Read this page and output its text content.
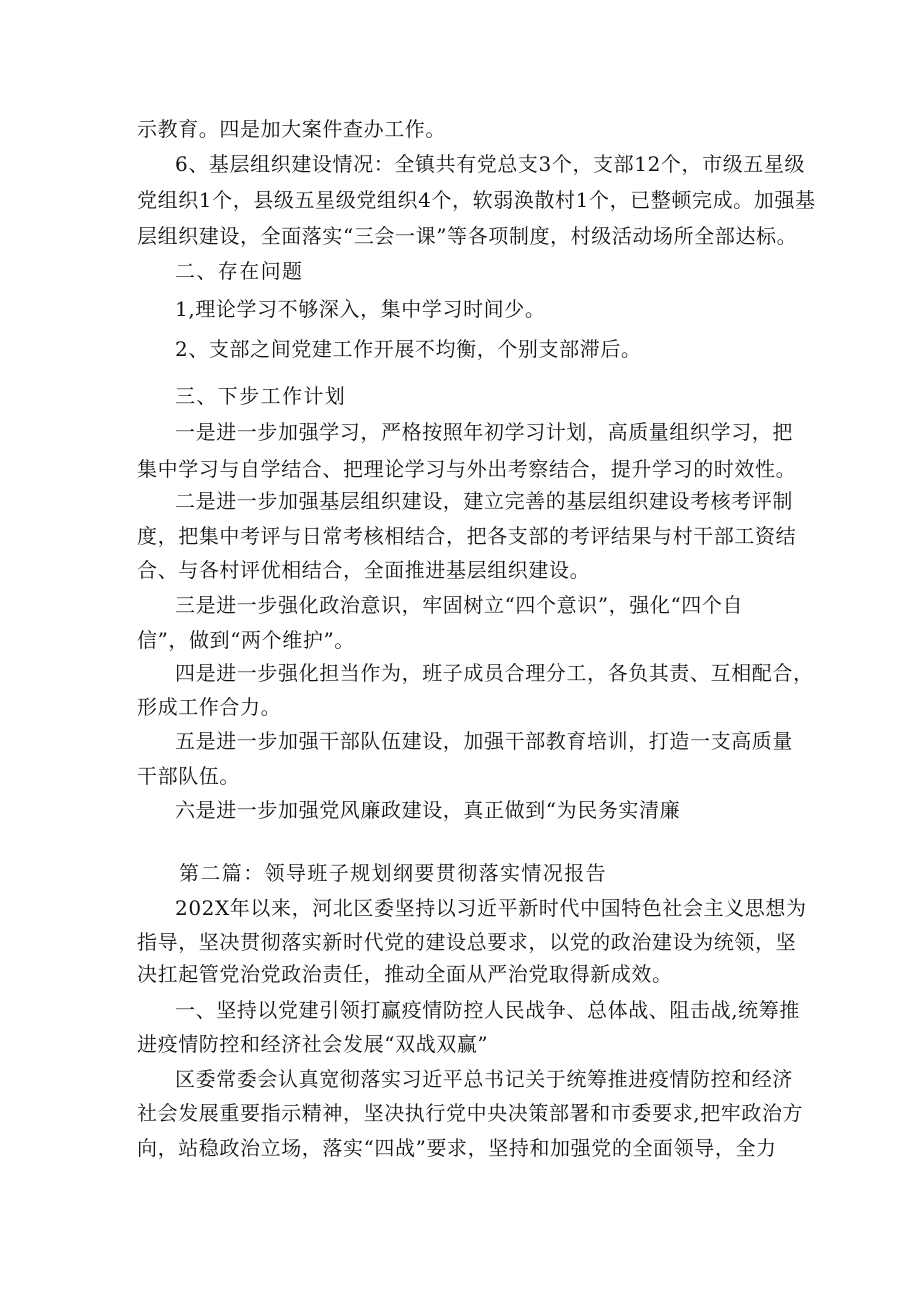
示教育。四是加大案件查办工作。
6、基层组织建设情况：全镇共有党总支3个，支部12个，市级五星级
党组织1个，县级五星级党组织4个，软弱涣散村1个，已整顿完成。加强基
层组织建设，全面落实“三会一课”等各项制度，村级活动场所全部达标。
二、存在问题
1,理论学习不够深入，集中学习时间少。
2、支部之间党建工作开展不均衡，个别支部滞后。
三、下步工作计划
一是进一步加强学习，严格按照年初学习计划，高质量组织学习，把
集中学习与自学结合、把理论学习与外出考察结合，提升学习的时效性。
二是进一步加强基层组织建设，建立完善的基层组织建设考核考评制
度，把集中考评与日常考核相结合，把各支部的考评结果与村干部工资结
合、与各村评优相结合，全面推进基层组织建设。
三是进一步强化政治意识，牢固树立“四个意识”，强化“四个自
信”，做到“两个维护”。
四是进一步强化担当作为，班子成员合理分工，各负其责、互相配合，
形成工作合力。
五是进一步加强干部队伍建设，加强干部教育培训，打造一支高质量
干部队伍。
六是进一步加强党风廉政建设，真正做到“为民务实清廉
第二篇：领导班子规划纲要贯彻落实情况报告
202X年以来，河北区委坚持以习近平新时代中国特色社会主义思想为
指导，坚决贯彻落实新时代党的建设总要求，以党的政治建设为统领，坚
决扛起管党治党政治责任，推动全面从严治党取得新成效。
一、坚持以党建引领打赢疫情防控人民战争、总体战、阻击战,统筹推
进疫情防控和经济社会发展“双战双赢”
区委常委会认真宽彻落实习近平总书记关于统筹推进疫情防控和经济
社会发展重要指示精神，坚决执行党中央决策部署和市委要求,把牢政治方
向，站稳政治立场，落实“四战”要求，坚持和加强党的全面领导，全力
